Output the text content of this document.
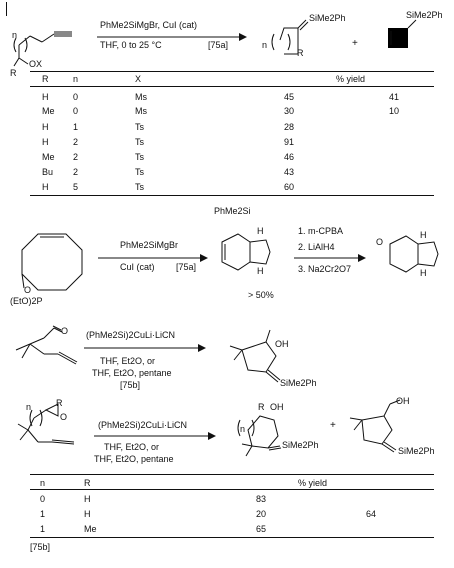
n
OX
R
PhMe2SiMgBr, CuI (cat)
THF, 0 to 25 °C	[75a]
SiMe2Ph
n
R
+
SiMe2Ph
R	n	X	% yield
H	0	Ms	45	41
Me 0	Ms	30	10
H	1	Ts	28
H	2	Ts	91
Me 2	Ts	46
Bu 2	Ts	43
H	5	Ts	60
O
(EtO)2P
PhMe2SiMgBr
CuI (cat) [75a]
PhMe2Si
H
H
> 50%
1. m-CPBA
2. LiAlH4
3. Na2Cr2O7
O
H
H
O (PhMe2Si)2CuLi·LiCN
THF, Et2O, or
THF, Et2O, pentane
[75b]
OH
SiMe2Ph
R
n
O
(PhMe2Si)2CuLi·LiCN
THF, Et2O, or
THF, Et2O, pentane
R OH
n
SiMe2Ph
+
OH
SiMe2Ph
n	R	% yield
0	H	83
1	H	20	64
1	Me	65
[75b]
